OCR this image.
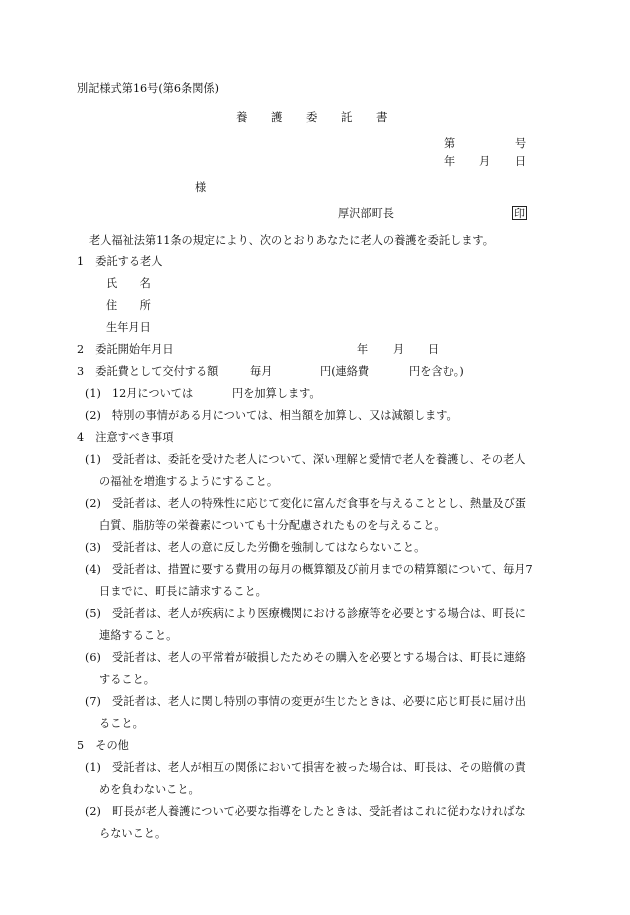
別記様式第16号(第6条関係)
養 護 委 託 書
第	号
年 月 日
様
厚沢部町長	印
老人福祉法第11条の規定により、次のとおりあなたに老人の養護を委託します。
1　委託する老人
氏　　名
住　　所
生年月日
2　委託開始年月日	年 月 日
3　委託費として交付する額	毎月	円(連絡費	円を含む。)
(1) 12月については	円を加算します。
(2) 特別の事情がある月については、相当額を加算し、又は減額します。
4　注意すべき事項
(1) 受託者は、委託を受けた老人について、深い理解と愛情で老人を養護し、その老人
の福祉を増進するようにすること。
(2) 受託者は、老人の特殊性に応じて変化に富んだ食事を与えることとし、熱量及び蛋
白質、脂肪等の栄養素についても十分配慮されたものを与えること。
(3) 受託者は、老人の意に反した労働を強制してはならないこと。
(4) 受託者は、措置に要する費用の毎月の概算額及び前月までの精算額について、毎月7
日までに、町長に請求すること。
(5) 受託者は、老人が疾病により医療機関における診療等を必要とする場合は、町長に
連絡すること。
(6) 受託者は、老人の平常着が破損したためその購入を必要とする場合は、町長に連絡
すること。
(7) 受託者は、老人に関し特別の事情の変更が生じたときは、必要に応じ町長に届け出
ること。
5　その他
(1) 受託者は、老人が相互の関係において損害を被った場合は、町長は、その賠償の責
めを負わないこと。
(2) 町長が老人養護について必要な指導をしたときは、受託者はこれに従わなければな
らないこと。
